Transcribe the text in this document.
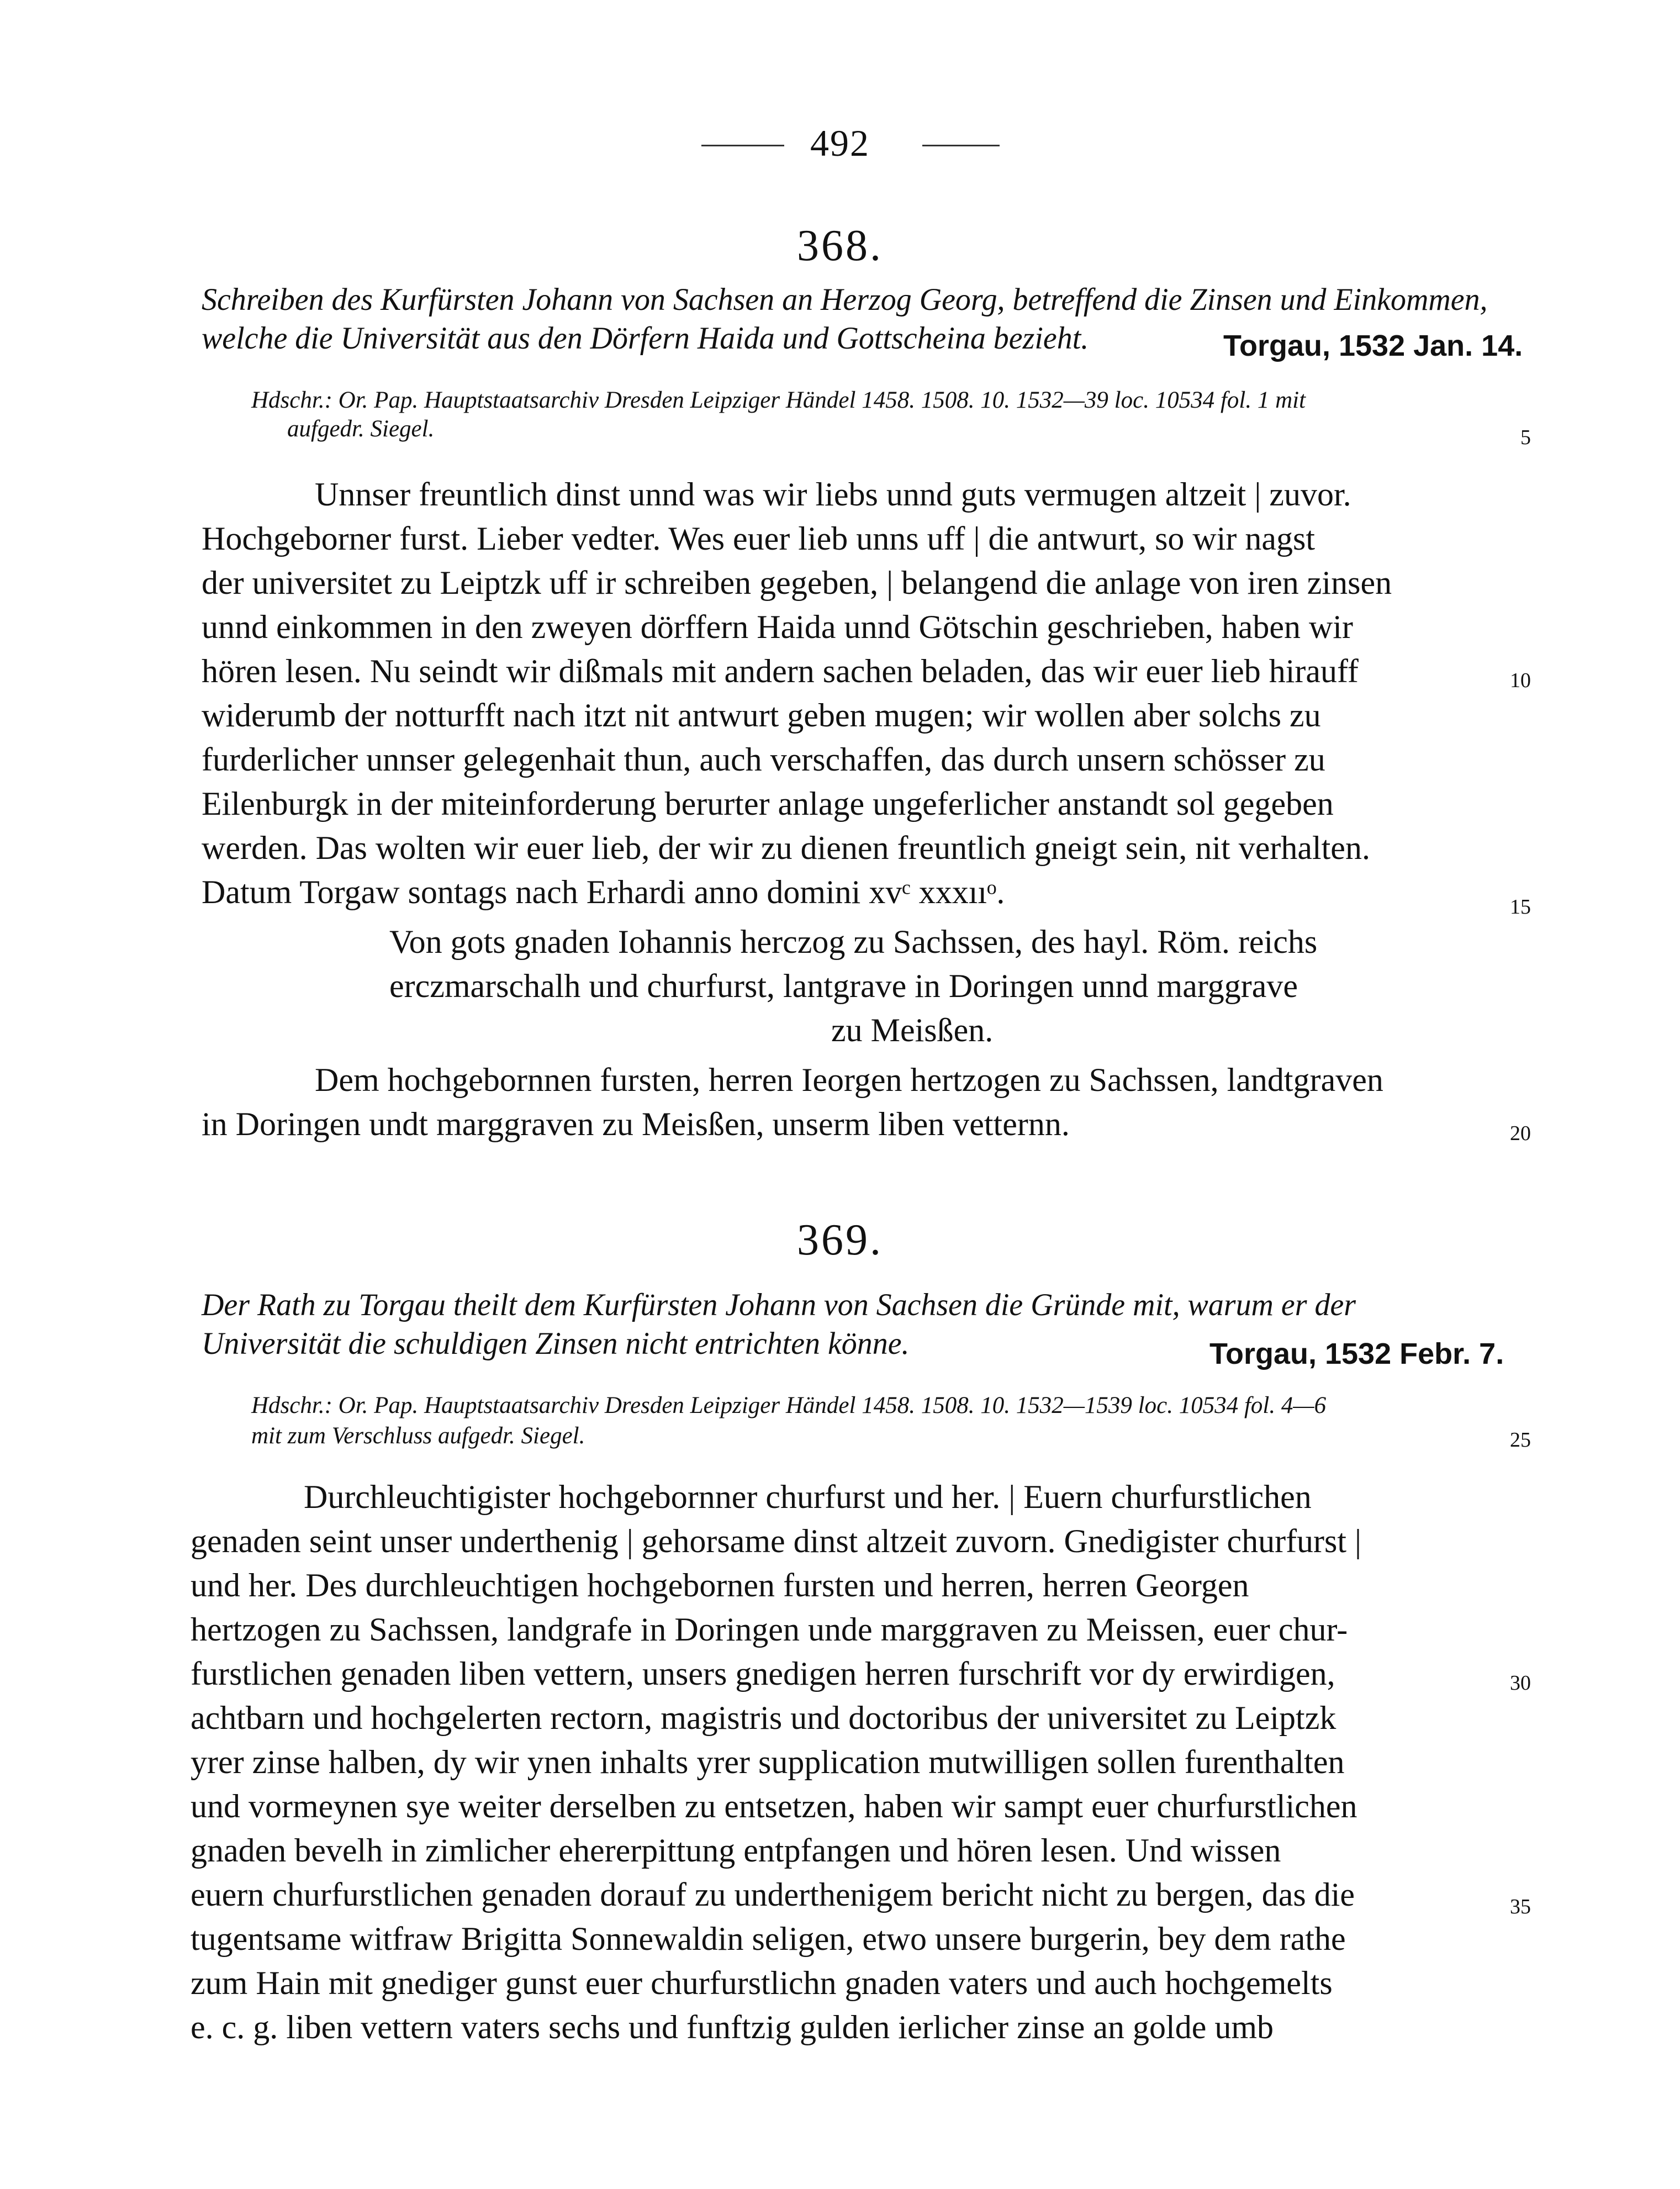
492
368.
Schreiben des Kurfürsten Johann von Sachsen an Herzog Georg, betreffend die Zinsen und Einkommen,
welche die Universität aus den Dörfern Haida und Gottscheina bezieht.	Torgau, 1532 Jan. 14.
Hdschr.: Or. Pap. Hauptstaatsarchiv Dresden Leipziger Händel 1458. 1508. 10. 1532—39 loc. 10534 fol. 1 mit
aufgedr. Siegel.
Unnser freuntlich dinst unnd was wir liebs unnd guts vermugen altzeit | zuvor.
Hochgeborner furst. Lieber vedter. Wes euer lieb unns uff | die antwurt, so wir nagst
der universitet zu Leiptzk uff ir schreiben gegeben, | belangend die anlage von iren zinsen
unnd einkommen in den zweyen dörffern Haida unnd Götschin geschrieben, haben wir
hören lesen. Nu seindt wir dißmals mit andern sachen beladen, das wir euer lieb hirauff
widerumb der notturfft nach itzt nit antwurt geben mugen; wir wollen aber solchs zu
furderlicher unnser gelegenhait thun, auch verschaffen, das durch unsern schösser zu
Eilenburgk in der miteinforderung berurter anlage ungeferlicher anstandt sol gegeben
werden. Das wolten wir euer lieb, der wir zu dienen freuntlich gneigt sein, nit verhalten.
Datum Torgaw sontags nach Erhardi anno domini xvᶜ xxxııᵒ.
Von gots gnaden Iohannis herczog zu Sachssen, des hayl. Röm. reichs
erczmarschalh und churfurst, lantgrave in Doringen unnd marggrave
zu Meisßen.
Dem hochgebornnen fursten, herren Ieorgen hertzogen zu Sachssen, landtgraven
in Doringen undt marggraven zu Meisßen, unserm liben vetternn.
369.
Der Rath zu Torgau theilt dem Kurfürsten Johann von Sachsen die Gründe mit, warum er der
Universität die schuldigen Zinsen nicht entrichten könne.	Torgau, 1532 Febr. 7.
Hdschr.: Or. Pap. Hauptstaatsarchiv Dresden Leipziger Händel 1458. 1508. 10. 1532—1539 loc. 10534 fol. 4—6
mit zum Verschluss aufgedr. Siegel.
Durchleuchtigister hochgebornner churfurst und her. | Euern churfurstlichen
genaden seint unser underthenig | gehorsame dinst altzeit zuvorn. Gnedigister churfurst |
und her. Des durchleuchtigen hochgebornen fursten und herren, herren Georgen
hertzogen zu Sachssen, landgrafe in Doringen unde marggraven zu Meissen, euer chur-
furstlichen genaden liben vettern, unsers gnedigen herren furschrift vor dy erwirdigen,
achtbarn und hochgelerten rectorn, magistris und doctoribus der universitet zu Leiptzk
yrer zinse halben, dy wir ynen inhalts yrer supplication mutwilligen sollen furenthalten
und vormeynen sye weiter derselben zu entsetzen, haben wir sampt euer churfurstlichen
gnaden bevelh in zimlicher ehererpittung entpfangen und hören lesen. Und wissen
euern churfurstlichen genaden dorauf zu underthenigem bericht nicht zu bergen, das die
tugentsame witfraw Brigitta Sonnewaldin seligen, etwo unsere burgerin, bey dem rathe
zum Hain mit gnediger gunst euer churfurstlichn gnaden vaters und auch hochgemelts
e. c. g. liben vettern vaters sechs und funftzig gulden ierlicher zinse an golde umb
5
10
15
20
25
30
35
